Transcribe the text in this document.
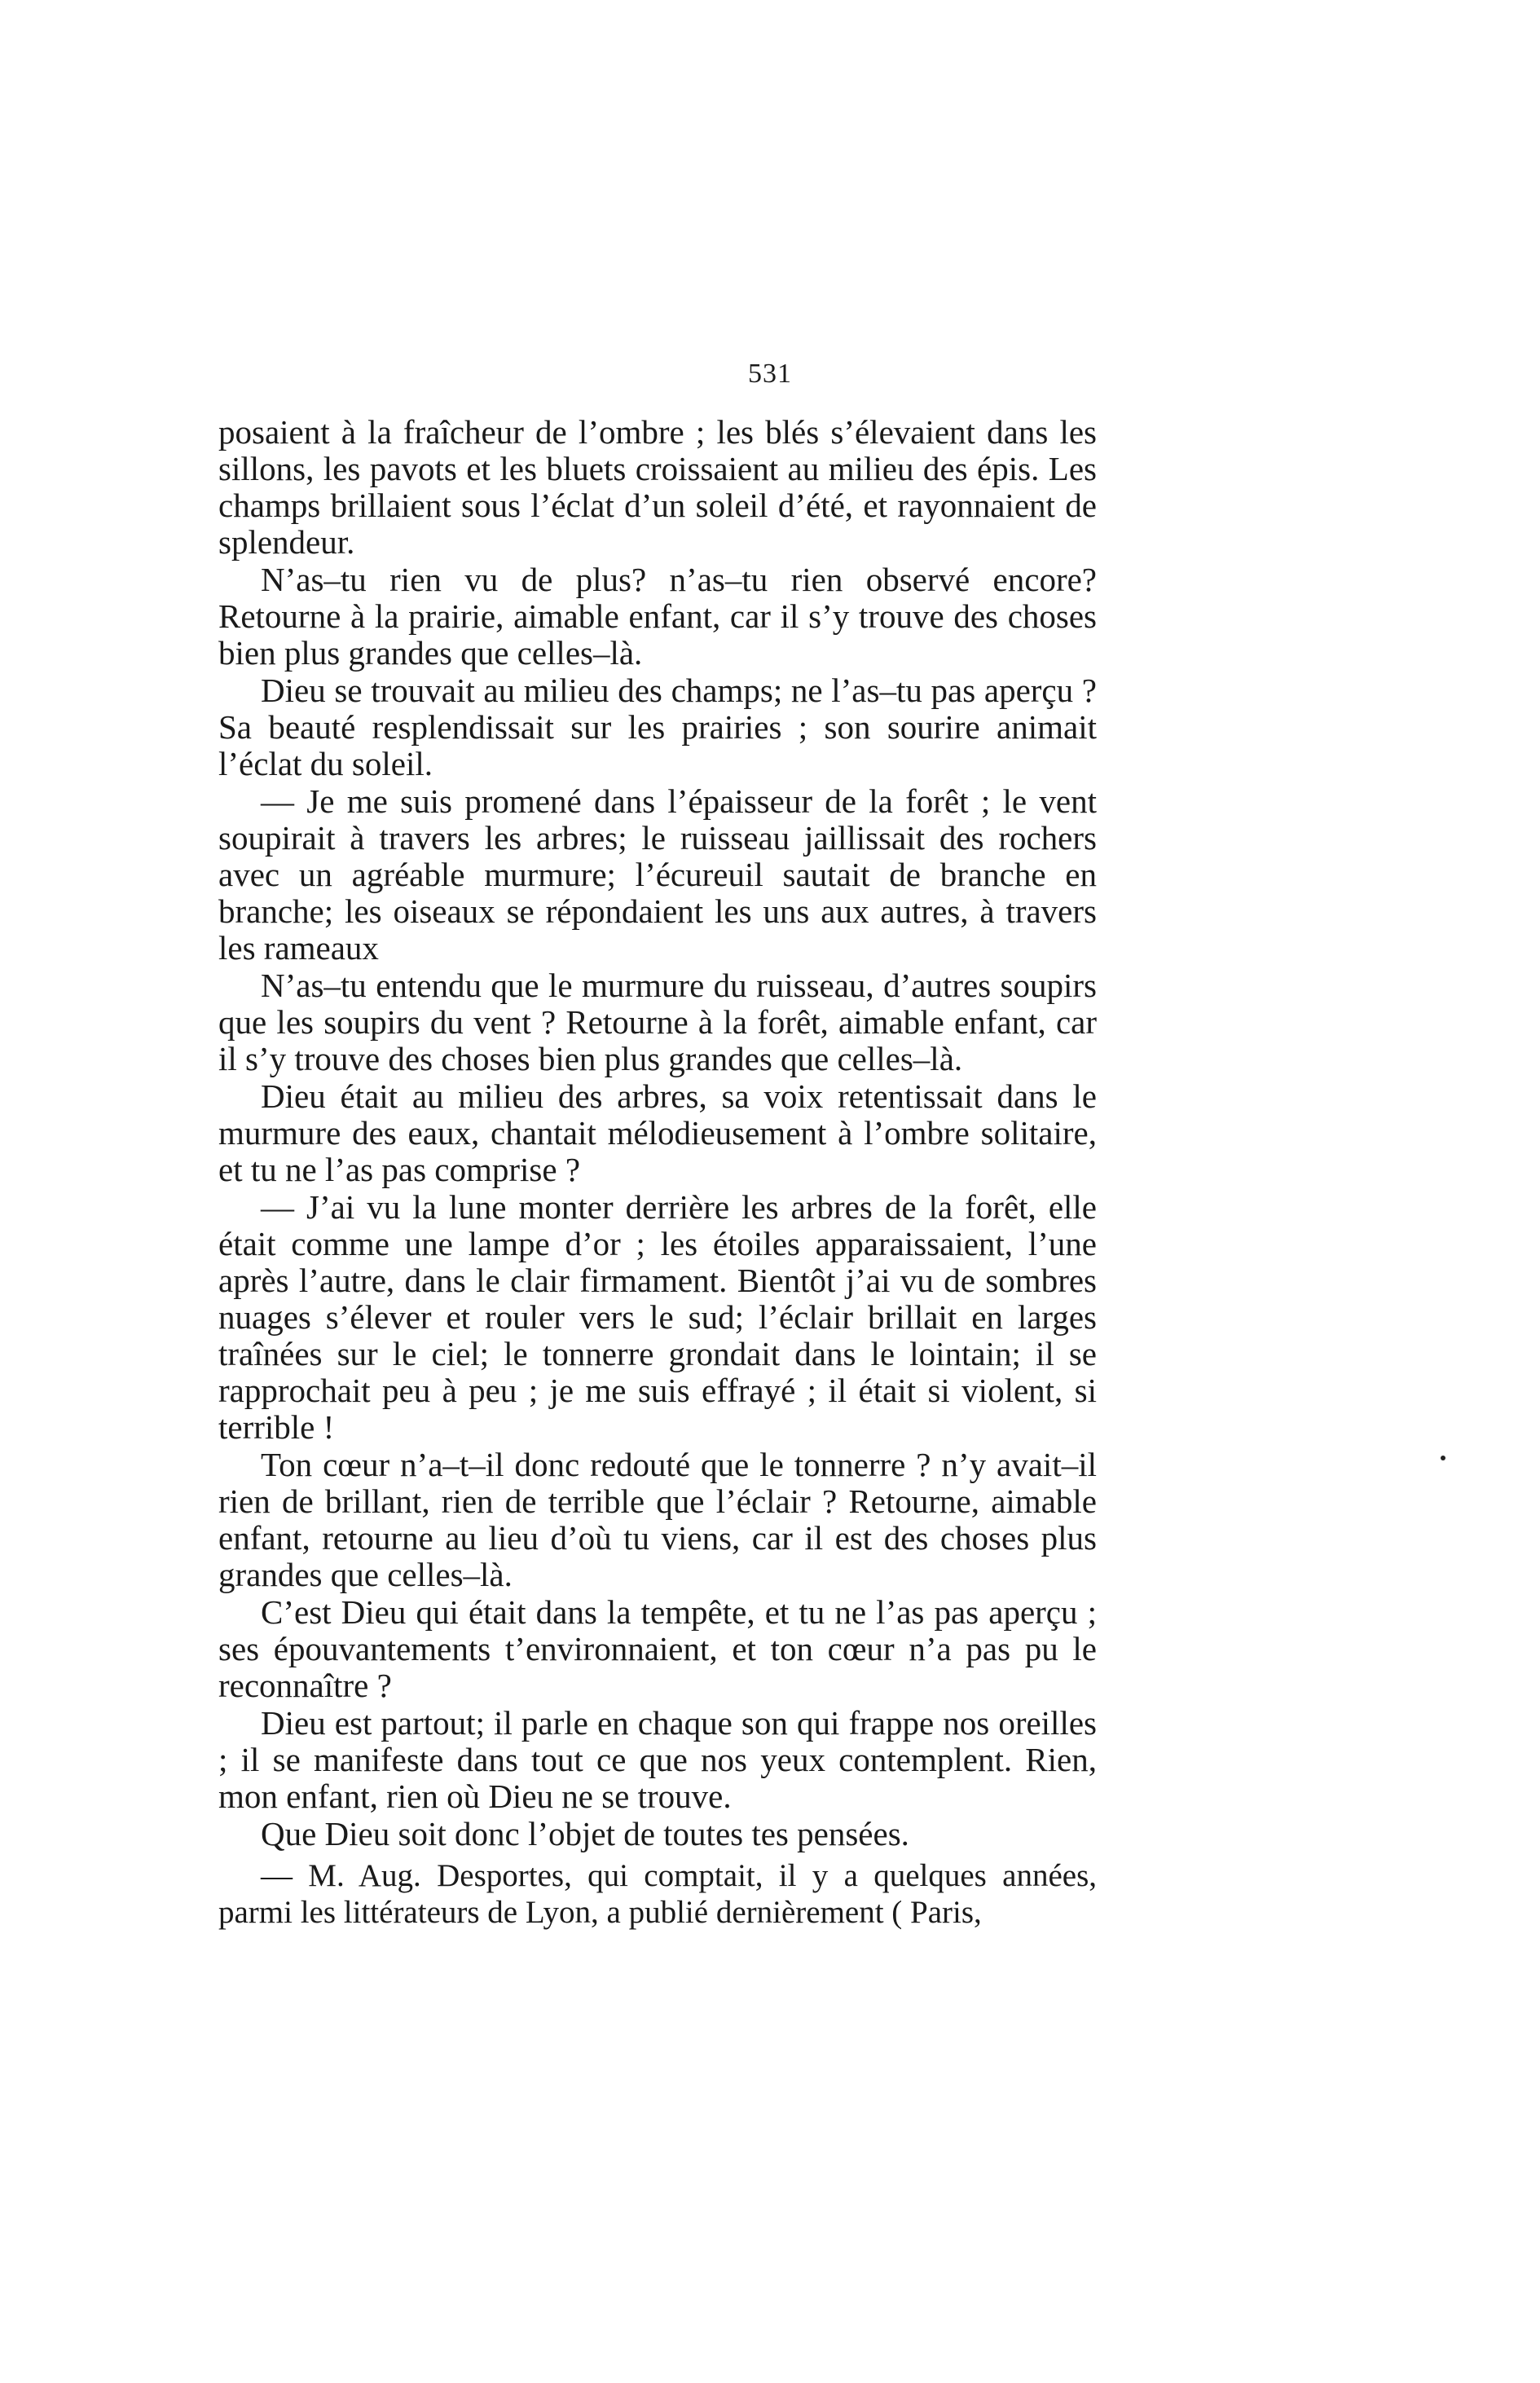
531

posaient à la fraîcheur de l’ombre ; les blés s’élevaient dans les sillons, les pavots et les bluets croissaient au milieu des épis. Les champs brillaient sous l’éclat d’un soleil d’été, et rayonnaient de splendeur.

N’as–tu rien vu de plus? n’as–tu rien observé encore? Retourne à la prairie, aimable enfant, car il s’y trouve des choses bien plus grandes que celles–là.

Dieu se trouvait au milieu des champs; ne l’as–tu pas aperçu ? Sa beauté resplendissait sur les prairies ; son sourire animait l’éclat du soleil.

— Je me suis promené dans l’épaisseur de la forêt ; le vent soupirait à travers les arbres; le ruisseau jaillissait des rochers avec un agréable murmure; l’écureuil sautait de branche en branche; les oiseaux se répondaient les uns aux autres, à travers les rameaux

N’as–tu entendu que le murmure du ruisseau, d’autres soupirs que les soupirs du vent ? Retourne à la forêt, aimable enfant, car il s’y trouve des choses bien plus grandes que celles–là.

Dieu était au milieu des arbres, sa voix retentissait dans le murmure des eaux, chantait mélodieusement à l’ombre solitaire, et tu ne l’as pas comprise ?

— J’ai vu la lune monter derrière les arbres de la forêt, elle était comme une lampe d’or ; les étoiles apparaissaient, l’une après l’autre, dans le clair firmament. Bientôt j’ai vu de sombres nuages s’élever et rouler vers le sud; l’éclair brillait en larges traînées sur le ciel; le tonnerre grondait dans le lointain; il se rapprochait peu à peu ; je me suis effrayé ; il était si violent, si terrible !

Ton cœur n’a–t–il donc redouté que le tonnerre ? n’y avait–il rien de brillant, rien de terrible que l’éclair ? Retourne, aimable enfant, retourne au lieu d’où tu viens, car il est des choses plus grandes que celles–là.

C’est Dieu qui était dans la tempête, et tu ne l’as pas aperçu ; ses épouvantements t’environnaient, et ton cœur n’a pas pu le reconnaître ?

Dieu est partout; il parle en chaque son qui frappe nos oreilles ; il se manifeste dans tout ce que nos yeux contemplent. Rien, mon enfant, rien où Dieu ne se trouve.

Que Dieu soit donc l’objet de toutes tes pensées.

— M. Aug. Desportes, qui comptait, il y a quelques années, parmi les littérateurs de Lyon, a publié dernièrement ( Paris,
